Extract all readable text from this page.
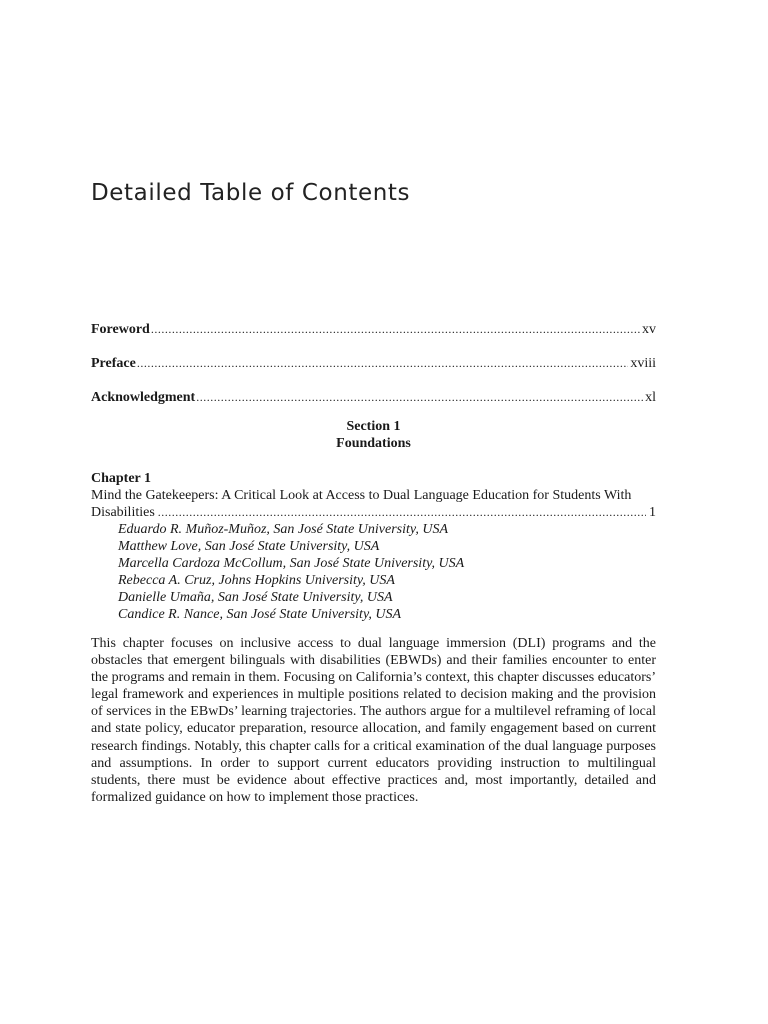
Detailed Table of Contents
Foreword .....	xv
Preface .....	xviii
Acknowledgment .....	xl
Section 1
Foundations
Chapter 1
Mind the Gatekeepers: A Critical Look at Access to Dual Language Education for Students With
Disabilities .....	1
Eduardo R. Muñoz-Muñoz, San José State University, USA
Matthew Love, San José State University, USA
Marcella Cardoza McCollum, San José State University, USA
Rebecca A. Cruz, Johns Hopkins University, USA
Danielle Umaña, San José State University, USA
Candice R. Nance, San José State University, USA

This chapter focuses on inclusive access to dual language immersion (DLI) programs and the obstacles that emergent bilinguals with disabilities (EBWDs) and their families encounter to enter the programs and remain in them. Focusing on California’s context, this chapter discusses educators’ legal framework and experiences in multiple positions related to decision making and the provision of services in the EBwDs’ learning trajectories. The authors argue for a multilevel reframing of local and state policy, educator preparation, resource allocation, and family engagement based on current research findings. Notably, this chapter calls for a critical examination of the dual language purposes and assumptions. In order to support current educators providing instruction to multilingual students, there must be evidence about effective practices and, most importantly, detailed and formalized guidance on how to implement those practices.
